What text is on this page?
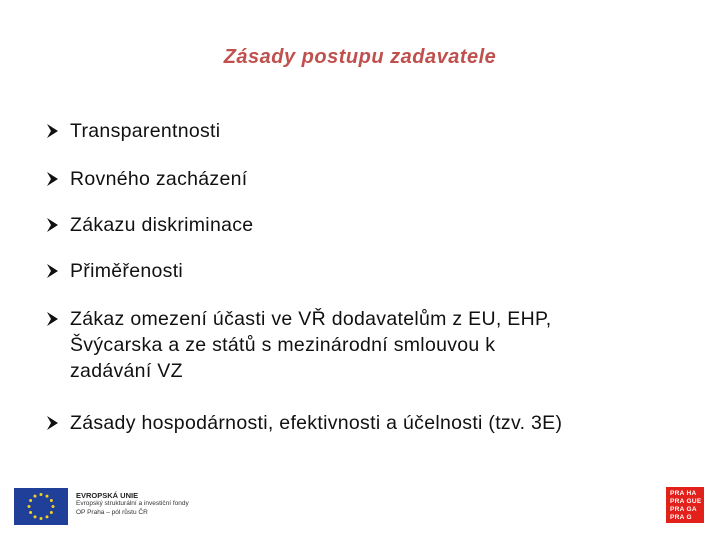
Zásady postupu zadavatele
Transparentnosti
Rovného zacházení
Zákazu diskriminace
Přiměřenosti
Zákaz omezení účasti ve VŘ dodavatelům z EU, EHP,
Švýcarska a ze států s mezinárodní smlouvou k
zadávání VZ
Zásady hospodárnosti, efektivnosti a účelnosti (tzv. 3E)
EVROPSKÁ UNIE
Evropský strukturální a investiční fondy
OP Praha – pól růstu ČR
PRA HA
PRA GUE
PRA GA
PRA G
